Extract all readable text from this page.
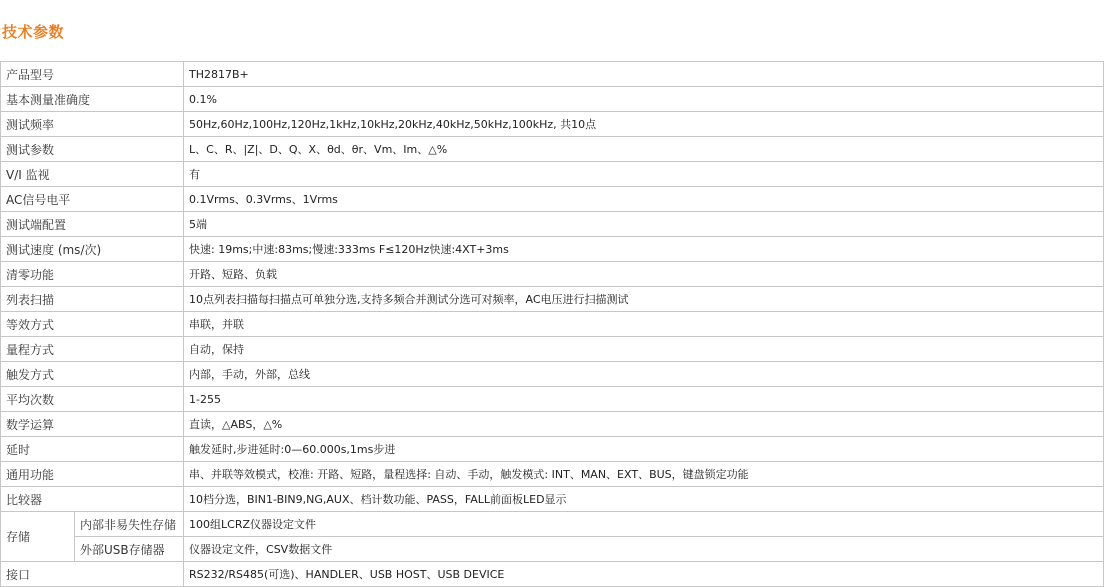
技术参数
产品型号		TH2817B+
基本测量准确度		0.1%
测试频率		50Hz,60Hz,100Hz,120Hz,1kHz,10kHz,20kHz,40kHz,50kHz,100kHz, 共10点
测试参数		L、C、R、|Z|、D、Q、X、θd、θr、Vm、Im、△%
V/I 监视		有
AC信号电平		0.1Vrms、0.3Vrms、1Vrms
测试端配置		5端
测试速度 (ms/次)		快速: 19ms;中速:83ms;慢速:333ms F≤120Hz快速:4XT+3ms
清零功能		开路、短路、负载
列表扫描		10点列表扫描每扫描点可单独分选,支持多频合并测试分选可对频率，AC电压进行扫描测试
等效方式		串联，并联
量程方式		自动，保持
触发方式		内部，手动，外部，总线
平均次数		1-255
数学运算		直读，△ABS，△%
延时		触发延时,步进延时:0—60.000s,1ms步进
通用功能		串、并联等效模式，校准: 开路、短路，量程选择: 自动、手动，触发模式: INT、MAN、EXT、BUS，键盘锁定功能
比较器		10档分选，BIN1-BIN9,NG,AUX、档计数功能、PASS，FALL前面板LED显示
存储	内部非易失性存储	100组LCRZ仪器设定文件
	外部USB存储器	仪器设定文件，CSV数据文件
接口		RS232/RS485(可选)、HANDLER、USB HOST、USB DEVICE
